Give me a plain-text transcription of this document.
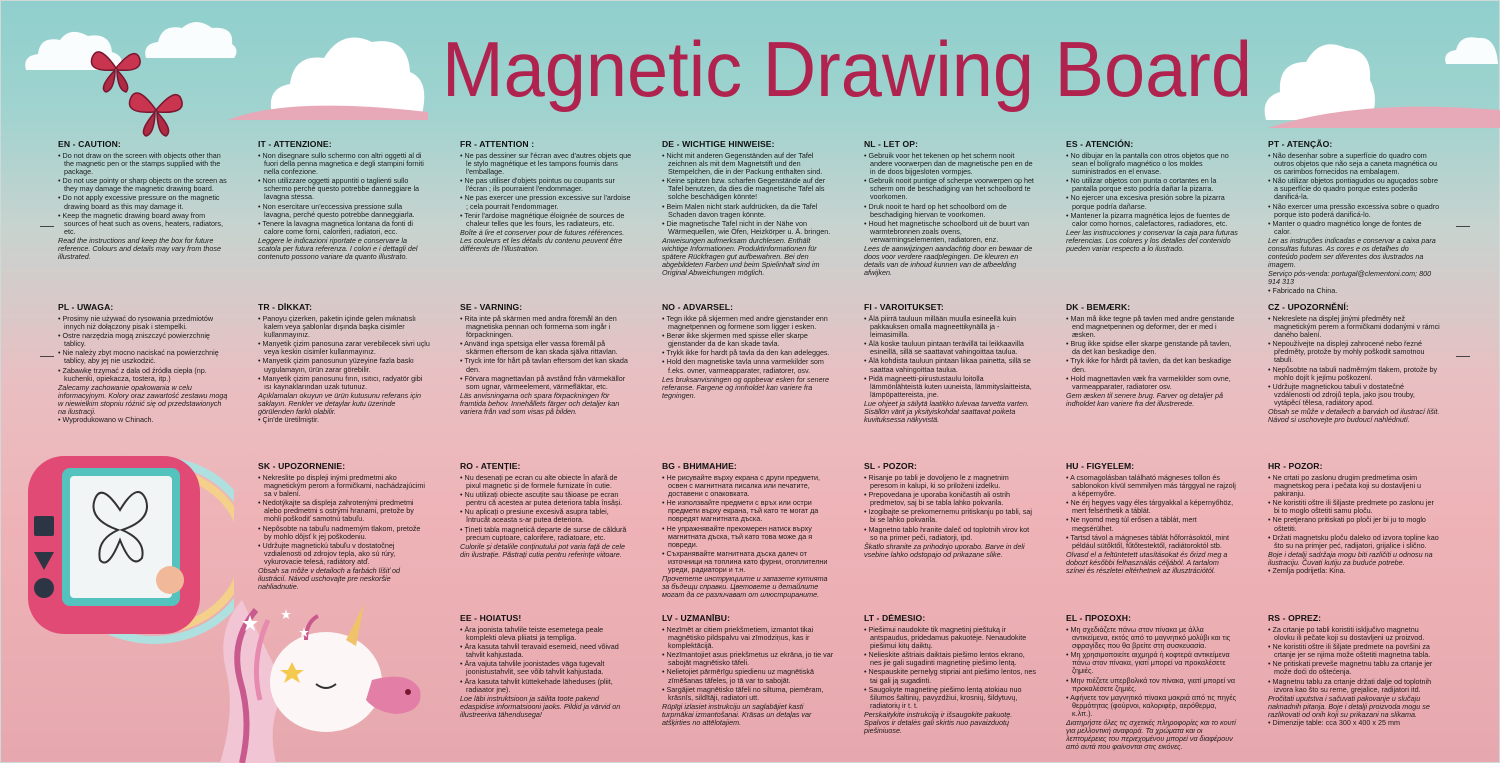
Magnetic Drawing Board
EN - CAUTION:
• Do not draw on the screen with objects other than the magnetic pen or the stamps supplied with the package.
• Do not use pointy or sharp objects on the screen as they may damage the magnetic drawing board.
• Do not apply excessive pressure on the magnetic drawing board as this may damage it.
• Keep the magnetic drawing board away from sources of heat such as ovens, heaters, radiators, etc.

Read the instructions and keep the box for future reference. Colours and details may vary from those illustrated.

IT - ATTENZIONE:
• Non disegnare sullo schermo con altri oggetti al di fuori della penna magnetica e degli stampini forniti nella confezione.
• Non utilizzare oggetti appuntiti o taglienti sullo schermo perché questo potrebbe danneggiare la lavagna stessa.
• Non esercitare un'eccessiva pressione sulla lavagna, perché questo potrebbe danneggiarla.
• Tenere la lavagna magnetica lontana da fonti di calore come forni, caloriferi, radiatori, ecc.

Leggere le indicazioni riportate e conservare la scatola per futura referenza. I colori e i dettagli del contenuto possono variare da quanto illustrato.

FR - ATTENTION :
• Ne pas dessiner sur l'écran avec d'autres objets que le stylo magnétique et les tampons fournis dans l'emballage.
• Ne pas utiliser d'objets pointus ou coupants sur l'écran ; ils pourraient l'endommager.
• Ne pas exercer une pression excessive sur l'ardoise ; cela pourrait l'endommager.
• Tenir l'ardoise magnétique éloignée de sources de chaleur telles que les fours, les radiateurs, etc.

Boîte à lire et conserver pour de futures références. Les couleurs et les détails du contenu peuvent être différents de l'illustration.

DE - WICHTIGE HINWEISE:
• Nicht mit anderen Gegenständen auf der Tafel zeichnen als mit dem Magnetstift und den Stempelchen, die in der Packung enthalten sind.
• Keine spitzen bzw. scharfen Gegenstände auf der Tafel benutzen, da dies die magnetische Tafel als solche beschädigen könnte!
• Beim Malen nicht stark aufdrücken, da die Tafel Schaden davon tragen könnte.
• Die magnetische Tafel nicht in der Nähe von Wärmequellen, wie Öfen, Heizkörper u. Ä. bringen.

Anweisungen aufmerksam durchlesen. Enthält wichtige Informationen. Produktinformationen für spätere Rückfragen gut aufbewahren. Bei den abgebildeten Farben und beim Spielinhalt sind im Original Abweichungen möglich.

NL - LET OP:
• Gebruik voor het tekenen op het scherm nooit andere voorwerpen dan de magnetische pen en de in de doos bijgesloten vormpjes.
• Gebruik nooit puntige of scherpe voorwerpen op het scherm om de beschadiging van het schoolbord te voorkomen.
• Druk nooit te hard op het schoolbord om de beschadiging hiervan te voorkomen.
• Houd het magnetische schoolbord uit de buurt van warmtebronnen zoals ovens, verwarmingselementen, radiatoren, enz.

Lees de aanwijzingen aandachtig door en bewaar de doos voor verdere raadplegingen. De kleuren en details van de inhoud kunnen van de afbeelding afwijken.

ES - ATENCIÓN:
• No dibujar en la pantalla con otros objetos que no sean el bolígrafo magnético o los moldes suministrados en el envase.
• No utilizar objetos con punta o cortantes en la pantalla porque esto podría dañar la pizarra.
• No ejercer una excesiva presión sobre la pizarra porque podría dañarse.
• Mantener la pizarra magnética lejos de fuentes de calor como hornos, calefactores, radiadores, etc.

Leer las instrucciones y conservar la caja para futuras referencias. Los colores y los detalles del contenido pueden variar respecto a lo ilustrado.

PT - ATENÇÃO:
• Não desenhar sobre a superfície do quadro com outros objetos que não seja a caneta magnética ou os carimbos fornecidos na embalagem.
• Não utilizar objetos pontiagudos ou aguçados sobre a superfície do quadro porque estes poderão danificá-la.
• Não exercer uma pressão excessiva sobre o quadro porque isto poderá danificá-lo.
• Manter o quadro magnético longe de fontes de calor.

Ler as instruções indicadas e conservar a caixa para consultas futuras. As cores e os detalhes do conteúdo podem ser diferentes dos ilustrados na imagem.

Serviço pós-venda: portugal@clementoni.com; 800 914 313

• Fabricado na China.
PL - UWAGA:
• Prosimy nie używać do rysowania przedmiotów innych niż dołączony pisak i stempelki.
• Ostre narzędzia mogą zniszczyć powierzchnię tablicy.
• Nie należy zbyt mocno naciskać na powierzchnię tablicy, aby jej nie uszkodzić.
• Zabawkę trzymać z dala od źródła ciepła (np. kuchenki, opiekacza, tostera, itp.)

Zalecamy zachowanie opakowania w celu informacyjnym. Kolory oraz zawartość zestawu mogą w niewielkim stopniu różnić się od przedstawionych na ilustracji.

• Wyprodukowano w Chinach.
TR - DİKKAT:
• Panoyu çizerken, paketin içinde gelen mıknatıslı kalem veya şablonlar dışında başka cisimler kullanmayınız.
• Manyetik çizim panosuna zarar verebilecek sivri uçlu veya keskin cisimler kullanmayınız.
• Manyetik çizim panosunun yüzeyine fazla baskı uygulamayın, ürün zarar görebilir.
• Manyetik çizim panosunu fırın, ısıtıcı, radyatör gibi ısı kaynaklarından uzak tutunuz.

Açıklamaları okuyun ve ürün kutusunu referans için saklayın. Renkler ve detaylar kutu üzerinde görülenden farklı olabilir.

• Çin'de üretilmiştir.
SE - VARNING:
• Rita inte på skärmen med andra föremål än den magnetiska pennan och formerna som ingår i förpackningen.
• Använd inga spetsiga eller vassa föremål på skärmen eftersom de kan skada själva rittavlan.
• Tryck inte för hårt på tavlan eftersom det kan skada den.
• Förvara magnettavlan på avstånd från värmekällor som ugnar, värmeelement, värmefläktar, etc.

Läs anvisningarna och spara förpackningen för framtida behov. Innehållets färger och detaljer kan variera från vad som visas på bilden.

NO - ADVARSEL:
• Tegn ikke på skjermen med andre gjenstander enn magnetpennen og formene som ligger i esken.
• Berør ikke skjermen med spisse eller skarpe gjenstander da de kan skade tavla.
• Trykk ikke for hardt på tavla da den kan ødelegges.
• Hold den magnetiske tavla unna varmekilder som f.eks. ovner, varmeapparater, radiatorer, osv.

Les bruksanvisningen og oppbevar esken for senere referanse. Fargene og innholdet kan variere fra tegningen.

FI - VAROITUKSET:
• Älä piirrä tauluun millään muulla esineellä kuin pakkauksen omalla magneettikynällä ja -leimasimilla.
• Älä koske tauluun pintaan terävillä tai leikkaavilla esineillä, sillä se saattavat vahingoittaa taulua.
• Älä kohdista tauluun pintaan liikaa painetta, sillä se saattaa vahingoittaa taulua.
• Pidä magneetti-piirustustaulu loitolla lämmönlähteistä kuten uuneista, lämmityslaitteista, lämpöpattereista, jne.

Lue ohjeet ja säilytä laatikko tulevaa tarvetta varten. Sisällön värit ja yksityiskohdat saattavat poiketa kuvituksessa näkyvistä.

DK - BEMÆRK:
• Man må ikke tegne på tavlen med andre genstande end magnetpennen og deformer, der er med i æsken.
• Brug ikke spidse eller skarpe genstande på tavlen, da det kan beskadige den.
• Tryk ikke for hårdt på tavlen, da det kan beskadige den.
• Hold magnettavlen væk fra varmekilder som ovne, varmeapparater, radiatorer osv.

Gem æsken til senere brug. Farver og detaljer på indholdet kan variere fra det illustrerede.

CZ - UPOZORNĚNÍ:
• Nekreslete na displej jinými předměty než magnetickým perem a formičkami dodanými v rámci daného balení.
• Nepoužívejte na displeji zahrocené nebo řezné předměty, protože by mohly poškodit samotnou tabuli.
• Nepůsobte na tabuli nadměrným tlakem, protože by mohlo dojít k jejímu poškození.
• Udržujte magnetickou tabuli v dostatečné vzdálenosti od zdrojů tepla, jako jsou trouby, vytápěcí tělesa, radiátory apod.

Obsah se může v detailech a barvách od ilustrací lišit. Návod si uschovejte pro budoucí nahlédnutí.

SK - UPOZORNENIE:
• Nekreslite po displeji inými predmetmi ako magnetickým perom a formičkami, nachádzajúcimi sa v balení.
• Nedotýkajte sa displeja zahrotenými predmetmi alebo predmetmi s ostrými hranami, pretože by mohli poškodiť samotnú tabuľu.
• Nepôsobte na tabuľu nadmerným tlakom, pretože by mohlo dôjsť k jej poškodeniu.
• Udržujte magnetickú tabuľu v dostatočnej vzdialenosti od zdrojov tepla, ako sú rúry, vykurovacie telesá, radiátory atď.

Obsah sa môže v detailoch a farbách líšiť od ilustrácií. Návod uschovajte pre neskoršie nahliadnutie.

RO - ATENȚIE:
• Nu desenați pe ecran cu alte obiecte în afară de pixul magnetic și de formele furnizate în cutie.
• Nu utilizați obiecte ascuțite sau tăioase pe ecran pentru că acestea ar putea deteriora tabla însăși.
• Nu aplicați o presiune excesivă asupra tablei, întrucât aceasta s-ar putea deteriora.
• Țineți tabla magnetică departe de surse de căldură precum cuptoare, calorifere, radiatoare, etc.

Culorile și detaliile conținutului pot varia față de cele din ilustrație. Păstrați cutia pentru referințe viitoare.

BG - ВНИМАНИЕ:
• Не рисувайте върху екрана с други предмети, освен с магнитната писалка или печатите, доставени с опаковката.
• Не използвайте предмети с връх или остри предмети върху екрана, тъй като те могат да повредят магнитната дъска.
• Не упражнявайте прекомерен натиск върху магнитната дъска, тъй като това може да я повреди.
• Съхранявайте магнитната дъска далеч от източници на топлина като фурни, отоплителни уреди, радиатори и т.н.

Прочетете инструкциите и запазете кутията за бъдещи справки. Цветовете и детайлите могат да се различават от илюстрираните.

SL - POZOR:
• Risanje po tabli je dovoljeno le z magnetnim peresom in kalupi, ki so priloženi izdelku.
• Prepovedana je uporaba koničastih ali ostrih predmetov, saj bi se tabla lahko pokvarila.
• Izogibajte se prekomernemu pritiskanju po tabli, saj bi se lahko pokvarila.
• Magnetno tablo hranite daleč od toplotnih virov kot so na primer peči, radiatorji, ipd.

Škatlo shranite za prihodnjo uporabo. Barve in deli vsebine lahko odstopajo od prikazane slike.

HU - FIGYELEM:
• A csomagolásban található mágneses tollon és sablonokon kívül semmilyen más tárggyal ne rajzolj a képernyőre.
• Ne érj hegyes vagy éles tárgyakkal a képernyőhöz, mert felsérthetik a táblát.
• Ne nyomd meg túl erősen a táblát, mert megsérülhet.
• Tartsd távol a mágneses táblát hőforrásoktól, mint például sütőktől, fűtőtestektől, radiátoroktól stb.

Olvasd el a feltüntetett utasításokat és őrizd meg a dobozt későbbi felhasználás céljából. A tartalom színei és részletei eltérhetnek az illusztrációtól.

HR - POZOR:
• Ne crtati po zaslonu drugim predmetima osim magnetskog pera i pečata koji su dostavljeni u pakiranju.
• Ne koristiti oštre ili šiljaste predmete po zaslonu jer bi to moglo oštetiti samu ploču.
• Ne pretjerano pritiskati po ploči jer bi ju to moglo oštetiti.
• Držati magnetsku ploču daleko od izvora topline kao što su na primjer peć, radijatori, grijalice i slično.

Boje i detalji sadržaja mogu biti različiti u odnosu na ilustraciju. Čuvati kutiju za buduće potrebe.

• Zemlja podrijetla: Kina.
EE - HOIATUS!
• Ära joonista tahvlile teiste esemetega peale komplekti oleva pliiatsi ja templiga.
• Ära kasuta tahvlil teravaid esemeid, need võivad tahvlit kahjustada.
• Ära vajuta tahvlile joonistades väga tugevalt joonistustahvlit, see võib tahvlit kahjustada.
• Ära kasuta tahvlit küttekehade läheduses (pliit, radiaator jne).

Loe läbi instruktsioon ja säilita toote pakend edaspidise informatsiooni jaoks. Pildid ja värvid on illustreeriva tähendusega!

LV - UZMANĪBU:
• Nezīmēt ar citiem priekšmetiem, izmantot tikai magnētisko pildspalvu vai zīmodziņus, kas ir komplektācijā.
• Nezīmantojiet asus priekšmetus uz ekrāna, jo tie var sabojāt magnētisko tāfeli.
• Nelietojiet pārmērīgu spiedienu uz magnētiskā zīmēšanas tāfeles, jo tā var to sabojāt.
• Sargājiet magnētisko tāfeli no siltuma, piemēram, krāsnīs, sildītāji, radiatori utt.

Rūpīgi izlasiet instrukciju un saglabājiet kasti turpmākai izmantošanai. Krāsas un detaļas var atšķirties no attēlotajiem.

LT - DĖMESIO:
• Piešimui naudokite tik magnetinį pieštuką ir antspaudus, pridedamus pakuotėje. Nenaudokite piešimui kitų daiktų.
• Nelieskite aštriais daiktais piešimo lentos ekrano, nes jie gali sugadinti magnetinę piešimo lentą.
• Nespauskite pernelyg stipriai ant piešimo lentos, nes tai gali ją sugadinti.
• Saugokyte magnetinę piešimo lentą atokiau nuo šilumos šaltinių, pavyzdžiui, krosnių, šildytuvų, radiatorių ir t. t.

Perskaitykite instrukciją ir išsaugokite pakuotę. Spalvos ir detalės gali skirtis nuo pavaizduotų piešiniuose.

EL - ΠΡΟΣΟΧΗ:
• Μη σχεδιάζετε πάνω στον πίνακα με άλλα αντικείμενα, εκτός από το μαγνητικό μολύβι και τις σφραγίδες που θα βρείτε στη συσκευασία.
• Μη χρησιμοποιείτε αιχμηρά ή κοφτερά αντικείμενα πάνω στον πίνακα, γιατί μπορεί να προκαλέσετε ζημιές.
• Μην πιέζετε υπερβολικά τον πίνακα, γιατί μπορεί να προκαλέσετε ζημιές.
• Αφήνετε τον μαγνητικό πίνακα μακριά από τις πηγές θερμότητας (φούρνοι, καλοριφέρ, αερόθερμα, κ.λπ.).

Διατηρήστε όλες τις σχετικές πληροφορίες και το κουτί για μελλοντική αναφορά. Τα χρώματα και οι λεπτομέρειες του περιεχομένου μπορεί να διαφέρουν από αυτά που φαίνονται στις εικόνες.

RS - OPREZ:
• Za crtanje po tabli koristiti isključivo magnetnu olovku ili pečate koji su dostavljeni uz proizvod.
• Ne koristiti oštre ili šiljate predmete na površini za crtanje jer se njima može oštetiti magnetna tabla.
• Ne pritiskati preveše magnetnu tablu za crtanje jer može doći do oštećenja.
• Magnetnu tablu za crtanje držati dalje od toplotnih izvora kao što su rerne, grejalice, radijatori itd.

Pročitati uputstva i sačuvati pakovanje u slučaju naknadnih pitanja. Boje i detalji proizvoda mogu se razlikovati od onih koji su prikazani na slikama.

• Dimenzije table: cca 300 x 400 x 25 mm
